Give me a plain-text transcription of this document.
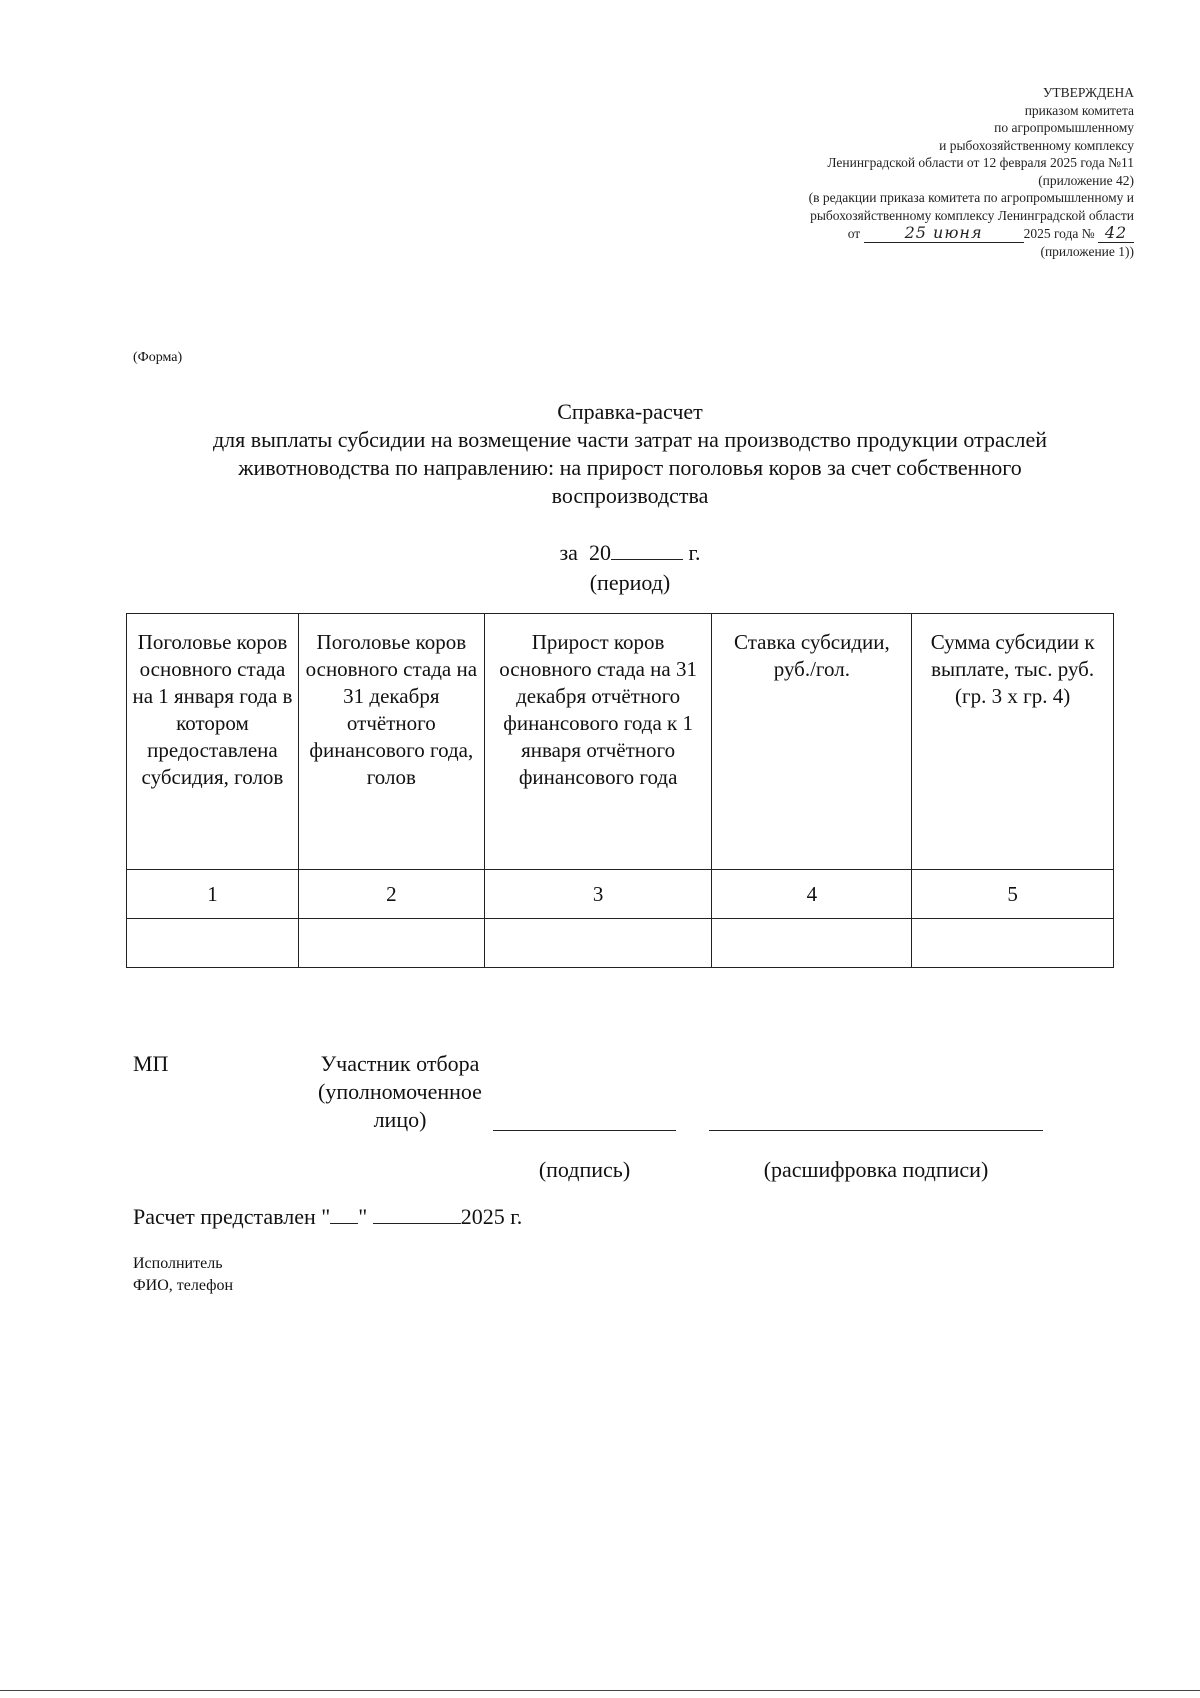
УТВЕРЖДЕНА
приказом комитета
по агропромышленному
и рыбохозяйственному комплексу
Ленинградской области от 12 февраля 2025 года №11
(приложение 42)
(в редакции приказа комитета по агропромышленному и
рыбохозяйственному комплексу Ленинградской области
от	25 июня	2025 года № 42
(приложение 1))
(Форма)
Справка-расчет
для выплаты субсидии на возмещение части затрат на производство продукции отраслей
животноводства по направлению: на прирост поголовья коров за счет собственного
воспроизводства
за 20	г.
(период)
Поголовье коров основного стада на 1 января года в котором предоставлена субсидия, голов	Поголовье коров основного стада на 31 декабря отчётного финансового года, голов	Прирост коров основного стада на 31 декабря отчётного финансового года к 1 января отчётного финансового года	Ставка субсидии, руб./гол.	Сумма субсидии к выплате, тыс. руб. (гр. 3 х гр. 4)
1	2	3	4	5

МП	Участник отбора
(уполномоченное
лицо)
(подпись)	(расшифровка подписи)
Расчет представлен " "	2025 г.
Исполнитель
ФИО, телефон
